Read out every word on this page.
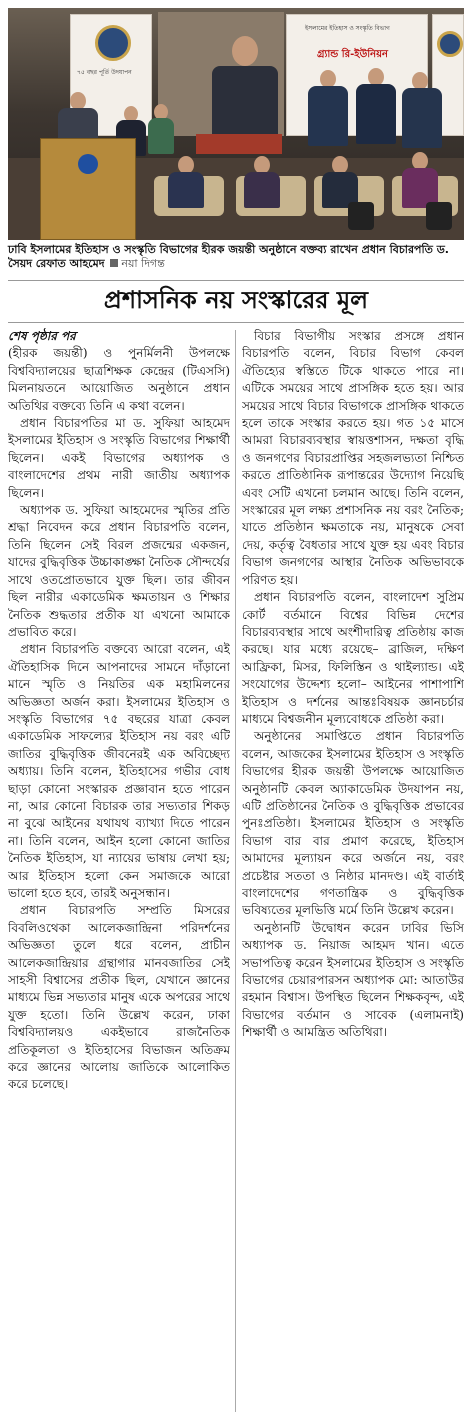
৭৫ বছর পূর্তি উদযাপন
ইসলামের ইতিহাস ও সংস্কৃতি বিভাগ
গ্র্যান্ড রি-ইউনিয়ন
ঢাবি ইসলামের ইতিহাস ও সংস্কৃতি বিভাগের হীরক জয়ন্তী অনুষ্ঠানে বক্তব্য রাখেন প্রধান বিচারপতি ড. সৈয়দ রেফাত আহমেদ নয়া দিগন্ত
প্রশাসনিক নয় সংস্কারের মূল
শেষ পৃষ্ঠার পর

(হীরক জয়ন্তী) ও পুনর্মিলনী উপলক্ষে বিশ্ববিদ্যালয়ের ছাত্রশিক্ষক কেন্দ্রের (টিএসসি) মিলনায়তনে আয়োজিত অনুষ্ঠানে প্রধান অতিথির বক্তব্যে তিনি এ কথা বলেন।

প্রধান বিচারপতির মা ড. সুফিয়া আহমেদ ইসলামের ইতিহাস ও সংস্কৃতি বিভাগের শিক্ষার্থী ছিলেন। একই বিভাগের অধ্যাপক ও বাংলাদেশের প্রথম নারী জাতীয় অধ্যাপক ছিলেন।

অধ্যাপক ড. সুফিয়া আহমেদের স্মৃতির প্রতি শ্রদ্ধা নিবেদন করে প্রধান বিচারপতি বলেন, তিনি ছিলেন সেই বিরল প্রজন্মের একজন, যাদের বুদ্ধিবৃত্তিক উচ্চাকাঙ্ক্ষা নৈতিক সৌন্দর্যের সাথে ওতপ্রোতভাবে যুক্ত ছিল। তার জীবন ছিল নারীর একাডেমিক ক্ষমতায়ন ও শিক্ষার নৈতিক শুদ্ধতার প্রতীক যা এখনো আমাকে প্রভাবিত করে।

প্রধান বিচারপতি বক্তব্যে আরো বলেন, এই ঐতিহাসিক দিনে আপনাদের সামনে দাঁড়ানো মানে স্মৃতি ও নিয়তির এক মহামিলনের অভিজ্ঞতা অর্জন করা। ইসলামের ইতিহাস ও সংস্কৃতি বিভাগের ৭৫ বছরের যাত্রা কেবল একাডেমিক সাফল্যের ইতিহাস নয় বরং এটি জাতির বুদ্ধিবৃত্তিক জীবনেরই এক অবিচ্ছেদ্য অধ্যায়। তিনি বলেন, ইতিহাসের গভীর বোধ ছাড়া কোনো সংস্কারক প্রজ্ঞাবান হতে পারেন না, আর কোনো বিচারক তার সভ্যতার শিকড় না বুঝে আইনের যথাযথ ব্যাখ্যা দিতে পারেন না। তিনি বলেন, আইন হলো কোনো জাতির নৈতিক ইতিহাস, যা ন্যায়ের ভাষায় লেখা হয়; আর ইতিহাস হলো কেন সমাজকে আরো ভালো হতে হবে, তারই অনুসন্ধান।

প্রধান বিচারপতি সম্প্রতি মিসরের বিবলিওথেকা আলেকজান্দ্রিনা পরিদর্শনের অভিজ্ঞতা তুলে ধরে বলেন, প্রাচীন আলেকজান্দ্রিয়ার গ্রন্থাগার মানবজাতির সেই সাহসী বিশ্বাসের প্রতীক ছিল, যেখানে জ্ঞানের মাধ্যমে ভিন্ন সভ্যতার মানুষ একে অপরের সাথে যুক্ত হতো। তিনি উল্লেখ করেন, ঢাকা বিশ্ববিদ্যালয়ও একইভাবে রাজনৈতিক প্রতিকূলতা ও ইতিহাসের বিভাজন অতিক্রম করে জ্ঞানের আলোয় জাতিকে আলোকিত করে চলেছে।

বিচার বিভাগীয় সংস্কার প্রসঙ্গে প্রধান বিচারপতি বলেন, বিচার বিভাগ কেবল ঐতিহ্যের স্বস্তিতে টিকে থাকতে পারে না। এটিকে সময়ের সাথে প্রাসঙ্গিক হতে হয়। আর সময়ের সাথে বিচার বিভাগকে প্রাসঙ্গিক থাকতে হলে তাকে সংস্কার করতে হয়। গত ১৫ মাসে আমরা বিচারব্যবস্থার স্বায়ত্তশাসন, দক্ষতা বৃদ্ধি ও জনগণের বিচারপ্রাপ্তির সহজলভ্যতা নিশ্চিত করতে প্রাতিষ্ঠানিক রূপান্তরের উদ্যোগ নিয়েছি এবং সেটি এখনো চলমান আছে। তিনি বলেন, সংস্কারের মূল লক্ষ্য প্রশাসনিক নয় বরং নৈতিক; যাতে প্রতিষ্ঠান ক্ষমতাকে নয়, মানুষকে সেবা দেয়, কর্তৃত্ব বৈধতার সাথে যুক্ত হয় এবং বিচার বিভাগ জনগণের আস্থার নৈতিক অভিভাবকে পরিণত হয়।

প্রধান বিচারপতি বলেন, বাংলাদেশ সুপ্রিম কোর্ট বর্তমানে বিশ্বের বিভিন্ন দেশের বিচারব্যবস্থার সাথে অংশীদারিত্ব প্রতিষ্ঠায় কাজ করছে। যার মধ্যে রয়েছে– ব্রাজিল, দক্ষিণ আফ্রিকা, মিসর, ফিলিস্তিন ও থাইল্যান্ড। এই সংযোগের উদ্দেশ্য হলো– আইনের পাশাপাশি ইতিহাস ও দর্শনের আন্তঃবিষয়ক জ্ঞানচর্চার মাধ্যমে বিশ্বজনীন মূল্যবোধকে প্রতিষ্ঠা করা।

অনুষ্ঠানের সমাপ্তিতে প্রধান বিচারপতি বলেন, আজকের ইসলামের ইতিহাস ও সংস্কৃতি বিভাগের হীরক জয়ন্তী উপলক্ষে আয়োজিত অনুষ্ঠানটি কেবল অ্যাকাডেমিক উদযাপন নয়, এটি প্রতিষ্ঠানের নৈতিক ও বুদ্ধিবৃত্তিক প্রভাবের পুনঃপ্রতিষ্ঠা। ইসলামের ইতিহাস ও সংস্কৃতি বিভাগ বার বার প্রমাণ করেছে, ইতিহাস আমাদের মূল্যায়ন করে অর্জনে নয়, বরং প্রচেষ্টার সততা ও নিষ্ঠার মানদণ্ড। এই বার্তাই বাংলাদেশের গণতান্ত্রিক ও বুদ্ধিবৃত্তিক ভবিষ্যতের মূলভিত্তি মর্মে তিনি উল্লেখ করেন।

অনুষ্ঠানটি উদ্বোধন করেন ঢাবির ভিসি অধ্যাপক ড. নিয়াজ আহমদ খান। এতে সভাপতিত্ব করেন ইসলামের ইতিহাস ও সংস্কৃতি বিভাগের চেয়ারপারসন অধ্যাপক মো: আতাউর রহমান বিশ্বাস। উপস্থিত ছিলেন শিক্ষকবৃন্দ, এই বিভাগের বর্তমান ও সাবেক (এলামনাই) শিক্ষার্থী ও আমন্ত্রিত অতিথিরা।
